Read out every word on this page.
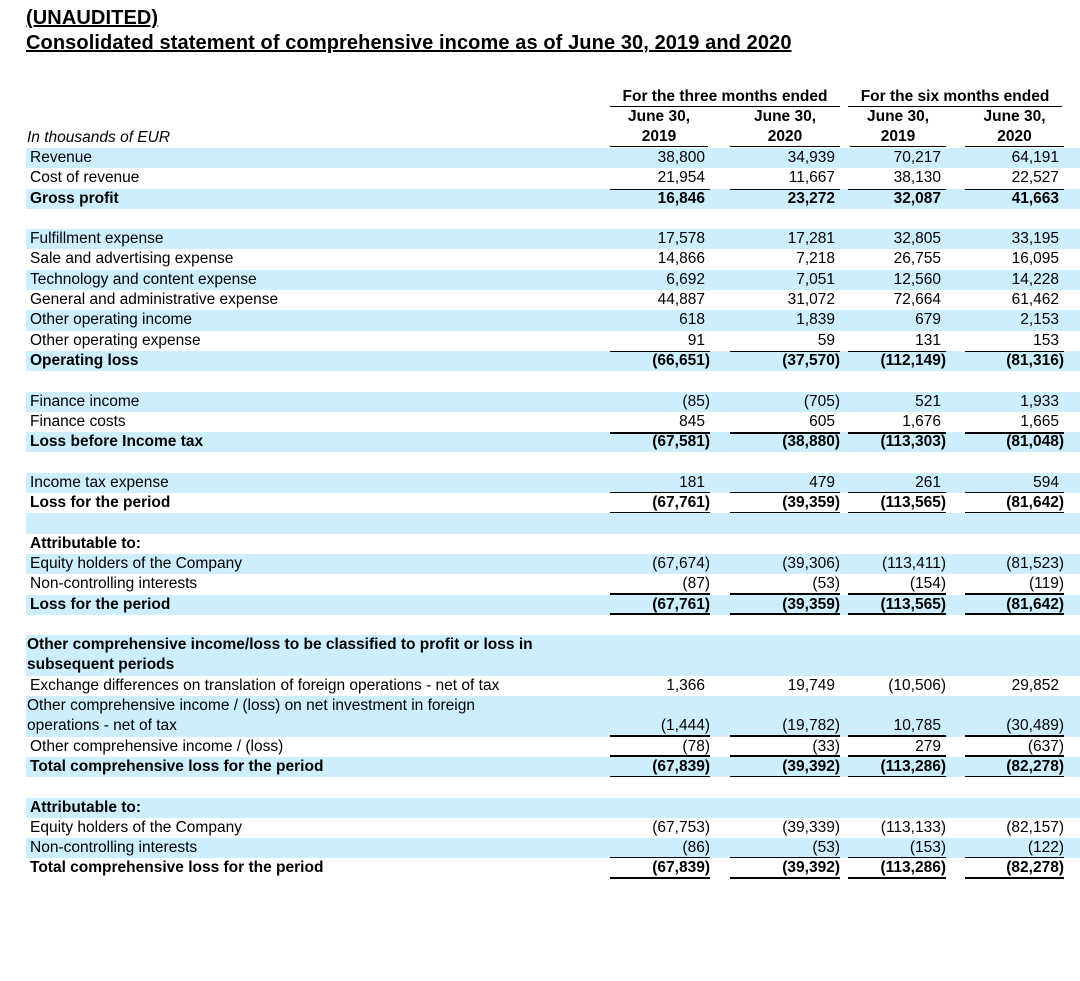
(UNAUDITED)
Consolidated statement of comprehensive income as of June 30, 2019 and 2020
For the three months ended	For the six months ended
June 30,
2019
June 30,
2020
June 30,
2019
June 30,
2020
In thousands of EUR
Revenue	38,800	34,939	70,217	64,191
Cost of revenue	21,954	11,667	38,130	22,527
Gross profit	16,846	23,272	32,087	41,663
Fulfillment expense	17,578	17,281	32,805	33,195
Sale and advertising expense	14,866	7,218	26,755	16,095
Technology and content expense	6,692	7,051	12,560	14,228
General and administrative expense	44,887	31,072	72,664	61,462
Other operating income	618	1,839	679	2,153
Other operating expense	91	59	131	153
Operating loss	(66,651)	(37,570)	(112,149)	(81,316)
Finance income	(85)	(705)	521	1,933
Finance costs	845	605	1,676	1,665
Loss before Income tax	(67,581)	(38,880)	(113,303)	(81,048)
Income tax expense	181	479	261	594
Loss for the period	(67,761)	(39,359)	(113,565)	(81,642)
Attributable to:
Equity holders of the Company	(67,674)	(39,306)	(113,411)	(81,523)
Non-controlling interests	(87)	(53)	(154)	(119)
Loss for the period	(67,761)	(39,359)	(113,565)	(81,642)
Other comprehensive income/loss to be classified to profit or loss in subsequent periods
Exchange differences on translation of foreign operations - net of tax	1,366	19,749	(10,506)	29,852
Other comprehensive income / (loss) on net investment in foreign operations - net of tax	(1,444)	(19,782)	10,785	(30,489)
Other comprehensive income / (loss)	(78)	(33)	279	(637)
Total comprehensive loss for the period	(67,839)	(39,392)	(113,286)	(82,278)
Attributable to:
Equity holders of the Company	(67,753)	(39,339)	(113,133)	(82,157)
Non-controlling interests	(86)	(53)	(153)	(122)
Total comprehensive loss for the period	(67,839)	(39,392)	(113,286)	(82,278)
